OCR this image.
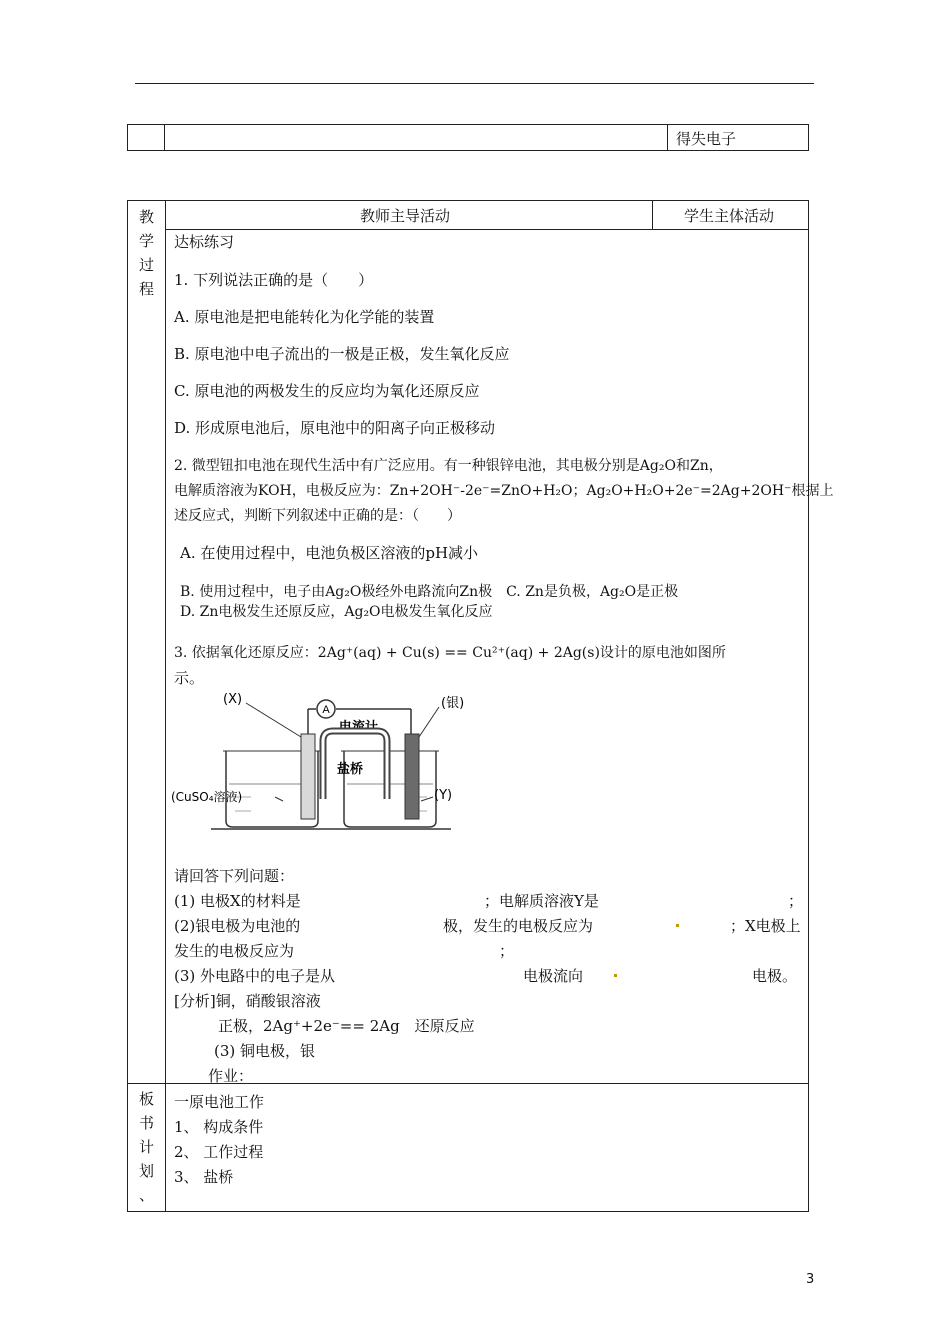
得失电子
教
学
过
程
教师主导活动	学生主体活动
达标练习
1. 下列说法正确的是（　　）
A. 原电池是把电能转化为化学能的装置
B. 原电池中电子流出的一极是正极，发生氧化反应
C. 原电池的两极发生的反应均为氧化还原反应
D. 形成原电池后，原电池中的阳离子向正极移动
2. 微型钮扣电池在现代生活中有广泛应用。有一种银锌电池，其电极分别是Ag₂O和Zn，
电解质溶液为KOH，电极反应为：Zn+2OH⁻-2e⁻=ZnO+H₂O；Ag₂O+H₂O+2e⁻=2Ag+2OH⁻根据上
述反应式，判断下列叙述中正确的是：（　　）
A. 在使用过程中，电池负极区溶液的pH减小
B. 使用过程中，电子由Ag₂O极经外电路流向Zn极　C. Zn是负极，Ag₂O是正极
D. Zn电极发生还原反应，Ag₂O电极发生氧化反应
3. 依据氧化还原反应：2Ag⁺(aq) + Cu(s) == Cu²⁺(aq) + 2Ag(s)设计的原电池如图所
示。
A
电流计
盐桥
(X)	(银)
(CuSO₄溶液)	(Y)
请回答下列问题：
(1) 电极X的材料是	；电解质溶液Y是	；
(2)银电极为电池的	极，发生的电极反应为	；X电极上
发生的电极反应为	；
(3) 外电路中的电子是从	电极流向	电极。
[分析]铜，硝酸银溶液
正极，2Ag⁺+2e⁻== 2Ag　还原反应
(3) 铜电极，银
作业：
板
书
计
划
、
一原电池工作
1、 构成条件
2、 工作过程
3、 盐桥
3
